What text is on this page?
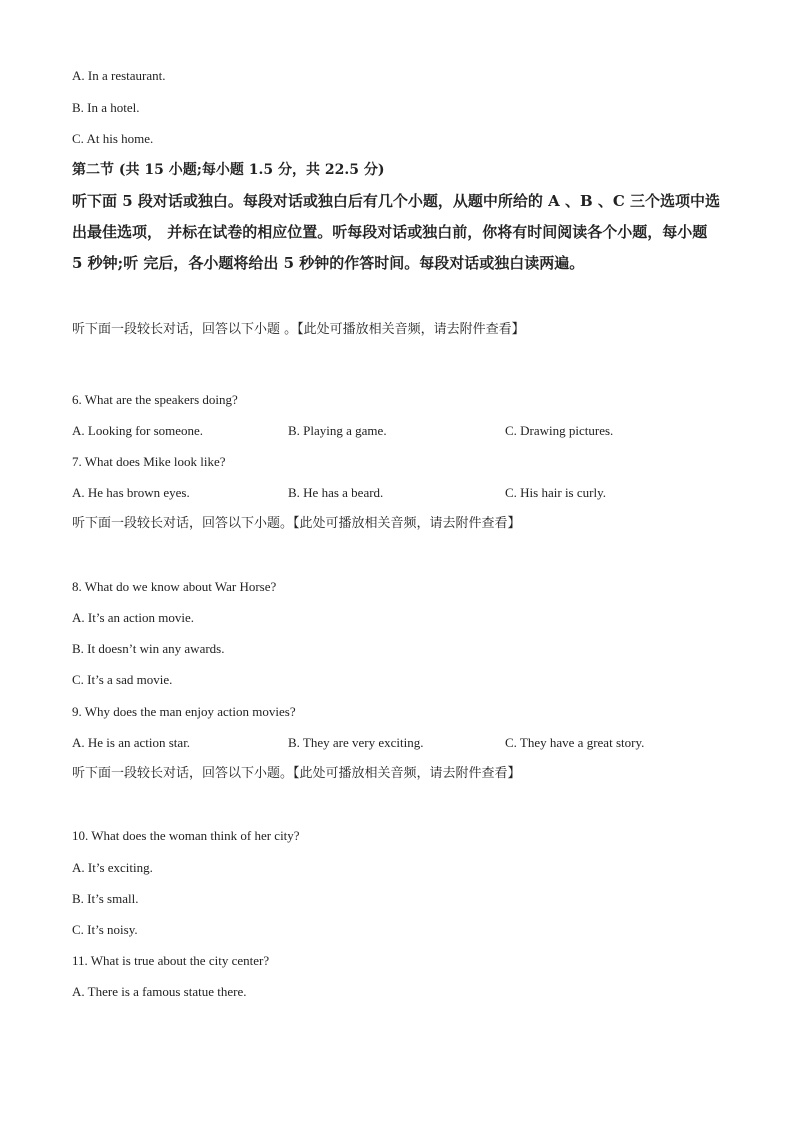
A. In a restaurant.
B. In a hotel.
C. At his home.
第二节 (共 15 小题;每小题 1.5 分，共 22.5 分)
听下面 5 段对话或独白。每段对话或独白后有几个小题，从题中所给的 A 、B 、C 三个选项中选 出最佳选项， 并标在试卷的相应位置。听每段对话或独白前，你将有时间阅读各个小题，每小题 5 秒钟;听 完后，各小题将给出 5 秒钟的作答时间。每段对话或独白读两遍。
听下面一段较长对话，回答以下小题 。【此处可播放相关音频，请去附件查看】
6. What are the speakers doing?
A. Looking for someone.	B. Playing a game.	C. Drawing pictures.
7. What does Mike look like?
A. He has brown eyes.	B. He has a beard.	C. His hair is curly.
听下面一段较长对话，回答以下小题。【此处可播放相关音频，请去附件查看】
8. What do we know about War Horse?
A. It’s an action movie.
B. It doesn’t win any awards.
C. It’s a sad movie.
9. Why does the man enjoy action movies?
A. He is an action star.	B. They are very exciting.	C. They have a great story.
听下面一段较长对话，回答以下小题。【此处可播放相关音频，请去附件查看】
10. What does the woman think of her city?
A. It’s exciting.
B. It’s small.
C. It’s noisy.
11. What is true about the city center?
A. There is a famous statue there.
